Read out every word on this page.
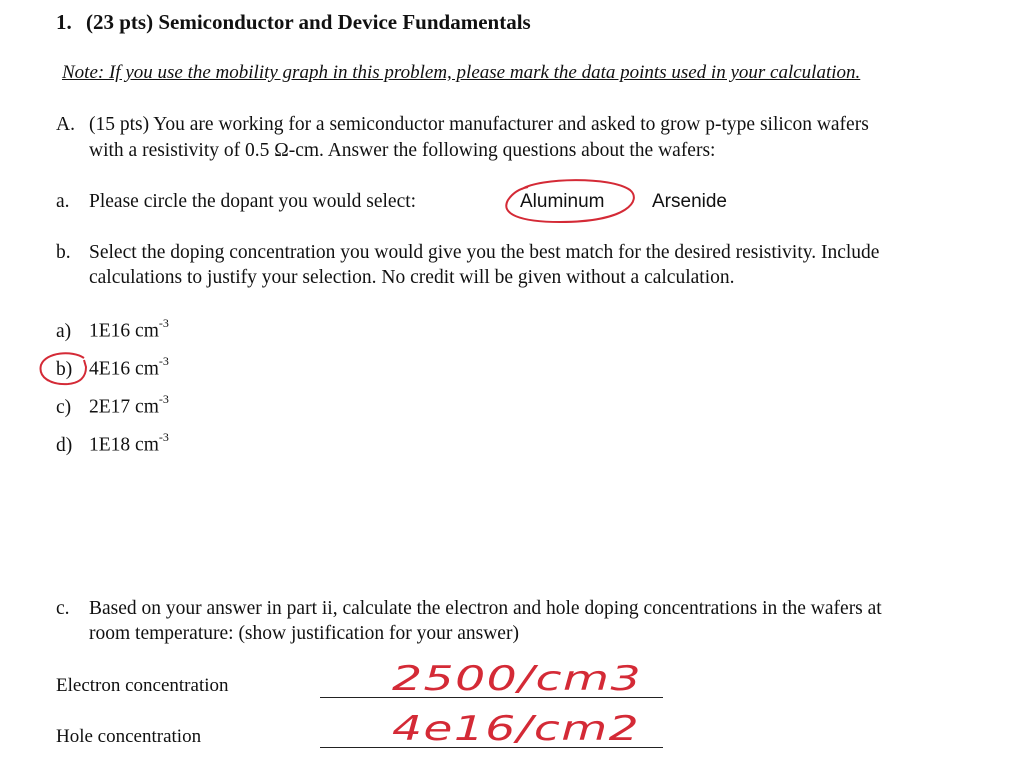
1. (23 pts) Semiconductor and Device Fundamentals
Note: If you use the mobility graph in this problem, please mark the data points used in your calculation.
A. (15 pts) You are working for a semiconductor manufacturer and asked to grow p-type silicon wafers
with a resistivity of 0.5 Ω-cm. Answer the following questions about the wafers:
a. Please circle the dopant you would select:	Aluminum	Arsenide
b. Select the doping concentration you would give you the best match for the desired resistivity. Include
calculations to justify your selection. No credit will be given without a calculation.
a) 1E16 $cm^{-3}$
b) 4E16 $cm^{-3}$
c) 2E17 $cm^{-3}$
d) 1E18 $cm^{-3}$
c. Based on your answer in part ii, calculate the electron and hole doping concentrations in the wafers at
room temperature: (show justification for your answer)
Electron concentration
Hole concentration
2500/cm3
4e16/cm2
